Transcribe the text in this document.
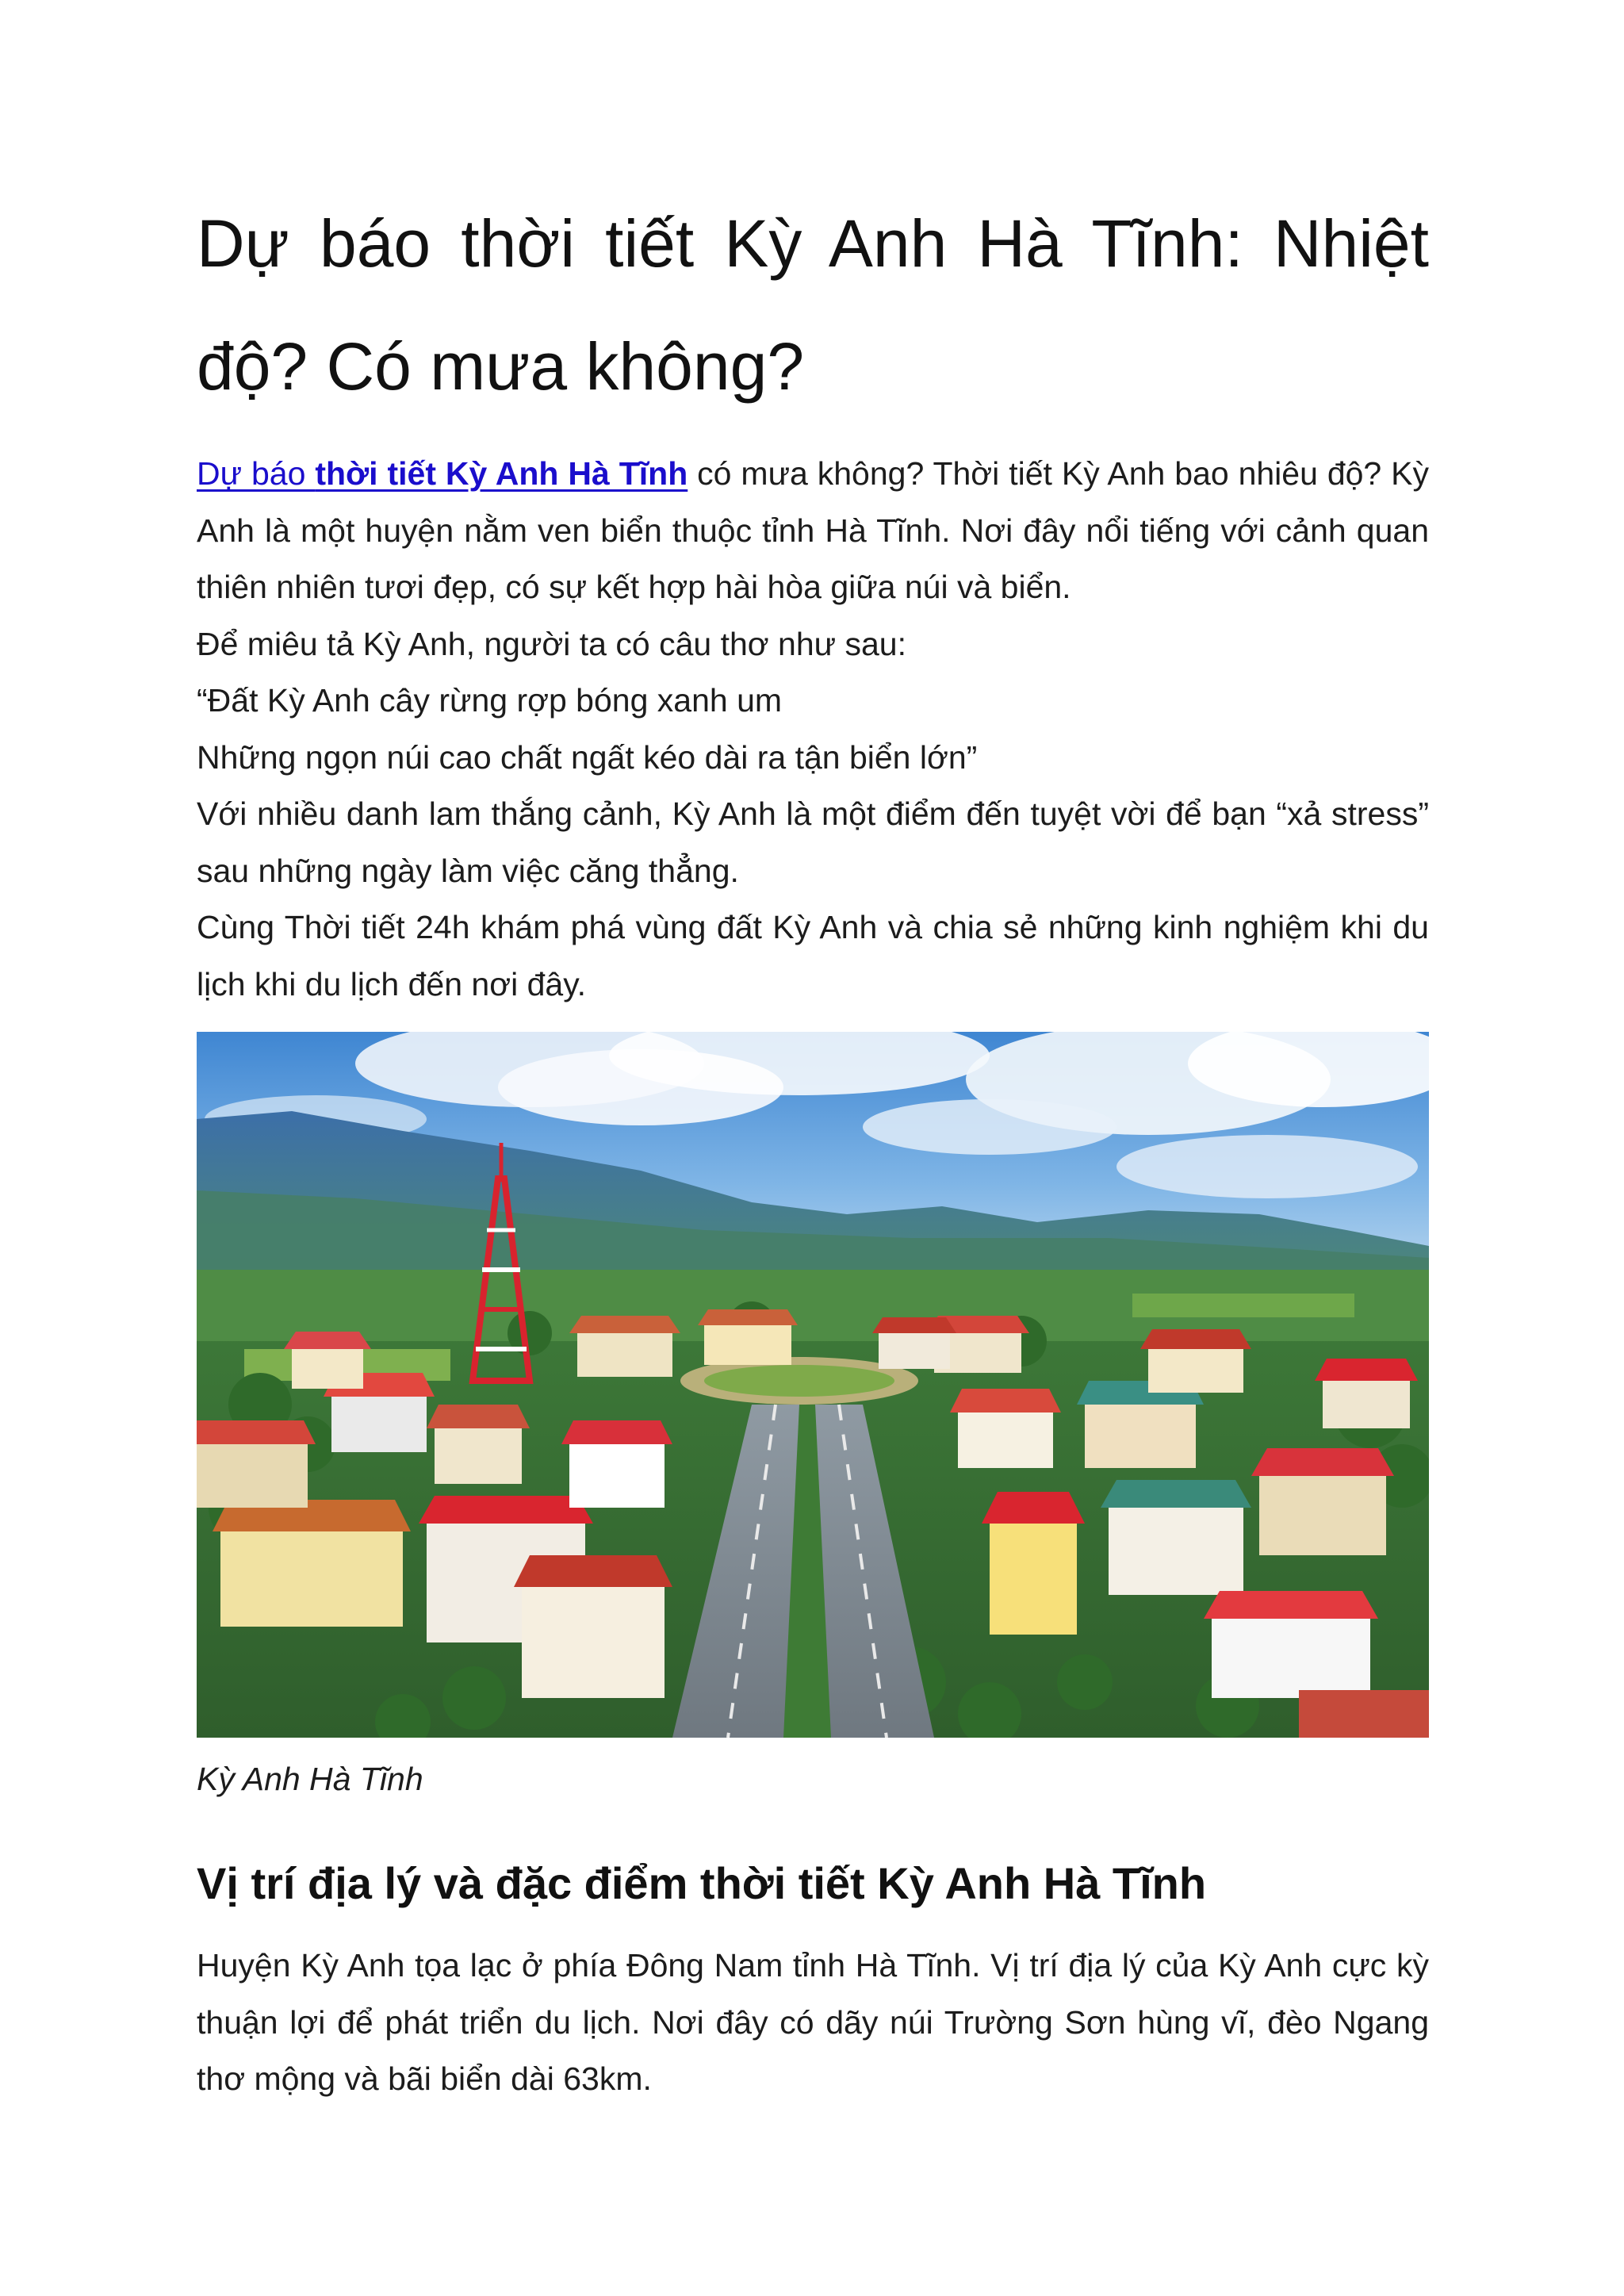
Dự báo thời tiết Kỳ Anh Hà Tĩnh: Nhiệt độ? Có mưa không?

Dự báo thời tiết Kỳ Anh Hà Tĩnh có mưa không? Thời tiết Kỳ Anh bao nhiêu độ? Kỳ Anh là một huyện nằm ven biển thuộc tỉnh Hà Tĩnh. Nơi đây nổi tiếng với cảnh quan thiên nhiên tươi đẹp, có sự kết hợp hài hòa giữa núi và biển.

Để miêu tả Kỳ Anh, người ta có câu thơ như sau:

“Đất Kỳ Anh cây rừng rợp bóng xanh um

Những ngọn núi cao chất ngất kéo dài ra tận biển lớn”

Với nhiều danh lam thắng cảnh, Kỳ Anh là một điểm đến tuyệt vời để bạn “xả stress” sau những ngày làm việc căng thẳng.

Cùng Thời tiết 24h khám phá vùng đất Kỳ Anh và chia sẻ những kinh nghiệm khi du lịch khi du lịch đến nơi đây.

Kỳ Anh Hà Tĩnh
Vị trí địa lý và đặc điểm thời tiết Kỳ Anh Hà Tĩnh

Huyện Kỳ Anh tọa lạc ở phía Đông Nam tỉnh Hà Tĩnh. Vị trí địa lý của Kỳ Anh cực kỳ thuận lợi để phát triển du lịch. Nơi đây có dãy núi Trường Sơn hùng vĩ, đèo Ngang thơ mộng và bãi biển dài 63km.
